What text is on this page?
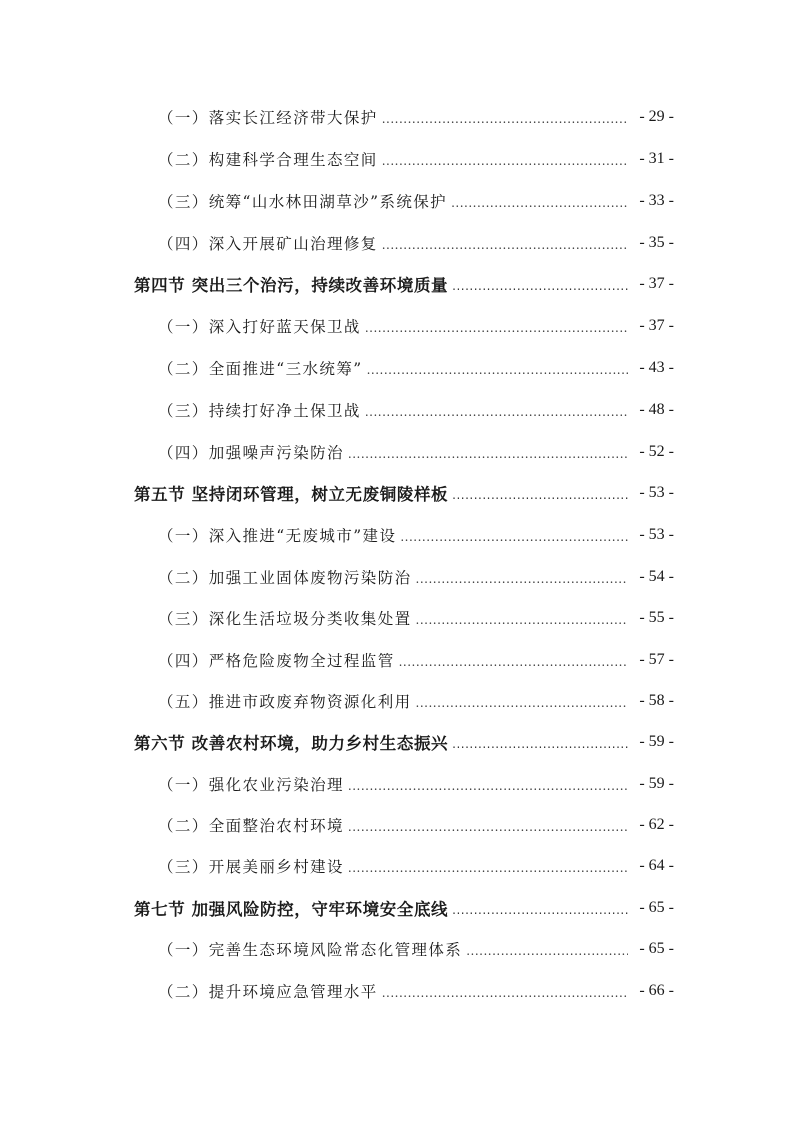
（一）落实长江经济带大保护 .....	- 29 -
（二）构建科学合理生态空间 .....	- 31 -
（三）统筹“山水林田湖草沙”系统保护 .....	- 33 -
（四）深入开展矿山治理修复 .....	- 35 -
第四节 突出三个治污，持续改善环境质量 .....	- 37 -
（一）深入打好蓝天保卫战 .....	- 37 -
（二）全面推进“三水统筹” .....	- 43 -
（三）持续打好净土保卫战 .....	- 48 -
（四）加强噪声污染防治 .....	- 52 -
第五节 坚持闭环管理，树立无废铜陵样板 .....	- 53 -
（一）深入推进“无废城市”建设 .....	- 53 -
（二）加强工业固体废物污染防治 .....	- 54 -
（三）深化生活垃圾分类收集处置 .....	- 55 -
（四）严格危险废物全过程监管 .....	- 57 -
（五）推进市政废弃物资源化利用 .....	- 58 -
第六节 改善农村环境，助力乡村生态振兴 .....	- 59 -
（一）强化农业污染治理 .....	- 59 -
（二）全面整治农村环境 .....	- 62 -
（三）开展美丽乡村建设 .....	- 64 -
第七节 加强风险防控，守牢环境安全底线 .....	- 65 -
（一）完善生态环境风险常态化管理体系 .....	- 65 -
（二）提升环境应急管理水平 .....	- 66 -
